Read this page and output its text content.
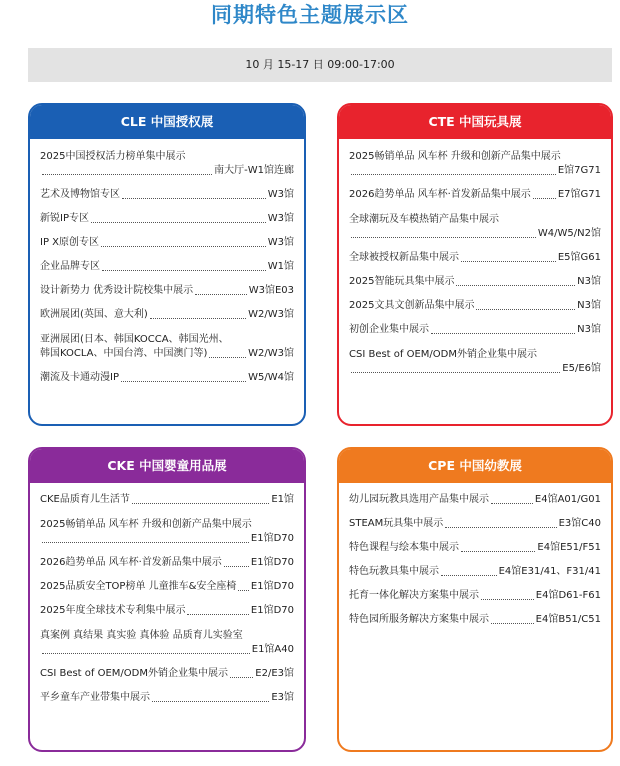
同期特色主题展示区
10 月 15-17 日 09:00-17:00
CLE 中国授权展
2025中国授权活力榜单集中展示
南大厅-W1馆连廊
艺术及博物馆专区	W3馆
新锐IP专区	W3馆
IP X原创专区	W3馆
企业品牌专区	W1馆
设计新势力 优秀设计院校集中展示	W3馆E03
欧洲展团(英国、意大利)	W2/W3馆
亚洲展团(日本、韩国KOCCA、韩国光州、
韩国KOCLA、中国台湾、中国澳门等)	W2/W3馆
潮流及卡通动漫IP	W5/W4馆
CTE 中国玩具展
2025畅销单品 风车杯 升级和创新产品集中展示
E馆7G71
2026趋势单品 风车杯·首发新品集中展示	E7馆G71
全球潮玩及车模热销产品集中展示
W4/W5/N2馆
全球被授权新品集中展示	E5馆G61
2025智能玩具集中展示	N3馆
2025文具文创新品集中展示	N3馆
初创企业集中展示	N3馆
CSI Best of OEM/ODM外销企业集中展示
E5/E6馆
CKE 中国婴童用品展
CKE品质育儿生活节	E1馆
2025畅销单品 风车杯 升级和创新产品集中展示
E1馆D70
2026趋势单品 风车杯·首发新品集中展示	E1馆D70
2025品质安全TOP榜单 儿童推车&安全座椅 E1馆D70
2025年度全球技术专利集中展示	E1馆D70
真案例 真结果 真实验 真体验 品质育儿实验室
E1馆A40
CSI Best of OEM/ODM外销企业集中展示	E2/E3馆
平乡童车产业带集中展示	E3馆
CPE 中国幼教展
幼儿园玩教具选用产品集中展示	E4馆A01/G01
STEAM玩具集中展示	E3馆C40
特色课程与绘本集中展示	E4馆E51/F51
特色玩教具集中展示	E4馆E31/41、F31/41
托育一体化解决方案集中展示	E4馆D61-F61
特色园所服务解决方案集中展示	E4馆B51/C51
